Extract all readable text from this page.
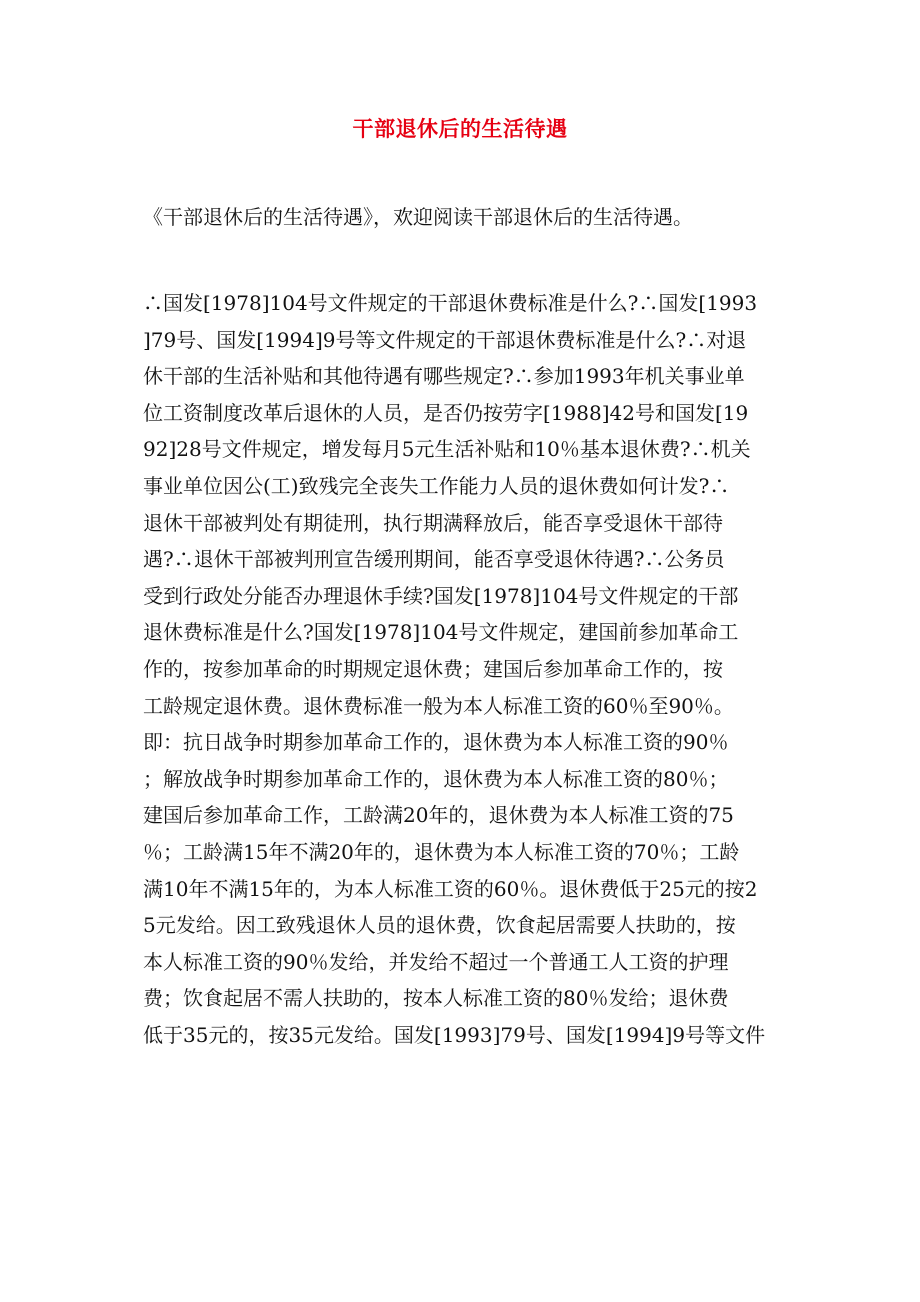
干部退休后的生活待遇
《干部退休后的生活待遇》，欢迎阅读干部退休后的生活待遇。
∴国发[1978]104号文件规定的干部退休费标准是什么?∴国发[1993
]79号、国发[1994]9号等文件规定的干部退休费标准是什么?∴对退
休干部的生活补贴和其他待遇有哪些规定?∴参加1993年机关事业单
位工资制度改革后退休的人员，是否仍按劳字[1988]42号和国发[19
92]28号文件规定，增发每月5元生活补贴和10％基本退休费?∴机关
事业单位因公(工)致残完全丧失工作能力人员的退休费如何计发?∴
退休干部被判处有期徒刑，执行期满释放后，能否享受退休干部待
遇?∴退休干部被判刑宣告缓刑期间，能否享受退休待遇?∴公务员
受到行政处分能否办理退休手续?国发[1978]104号文件规定的干部
退休费标准是什么?国发[1978]104号文件规定，建国前参加革命工
作的，按参加革命的时期规定退休费；建国后参加革命工作的，按
工龄规定退休费。退休费标准一般为本人标准工资的60％至90％。
即：抗日战争时期参加革命工作的，退休费为本人标准工资的90％
；解放战争时期参加革命工作的，退休费为本人标准工资的80％；
建国后参加革命工作，工龄满20年的，退休费为本人标准工资的75
％；工龄满15年不满20年的，退休费为本人标准工资的70％；工龄
满10年不满15年的，为本人标准工资的60％。退休费低于25元的按2
5元发给。因工致残退休人员的退休费，饮食起居需要人扶助的，按
本人标准工资的90％发给，并发给不超过一个普通工人工资的护理
费；饮食起居不需人扶助的，按本人标准工资的80％发给；退休费
低于35元的，按35元发给。国发[1993]79号、国发[1994]9号等文件
